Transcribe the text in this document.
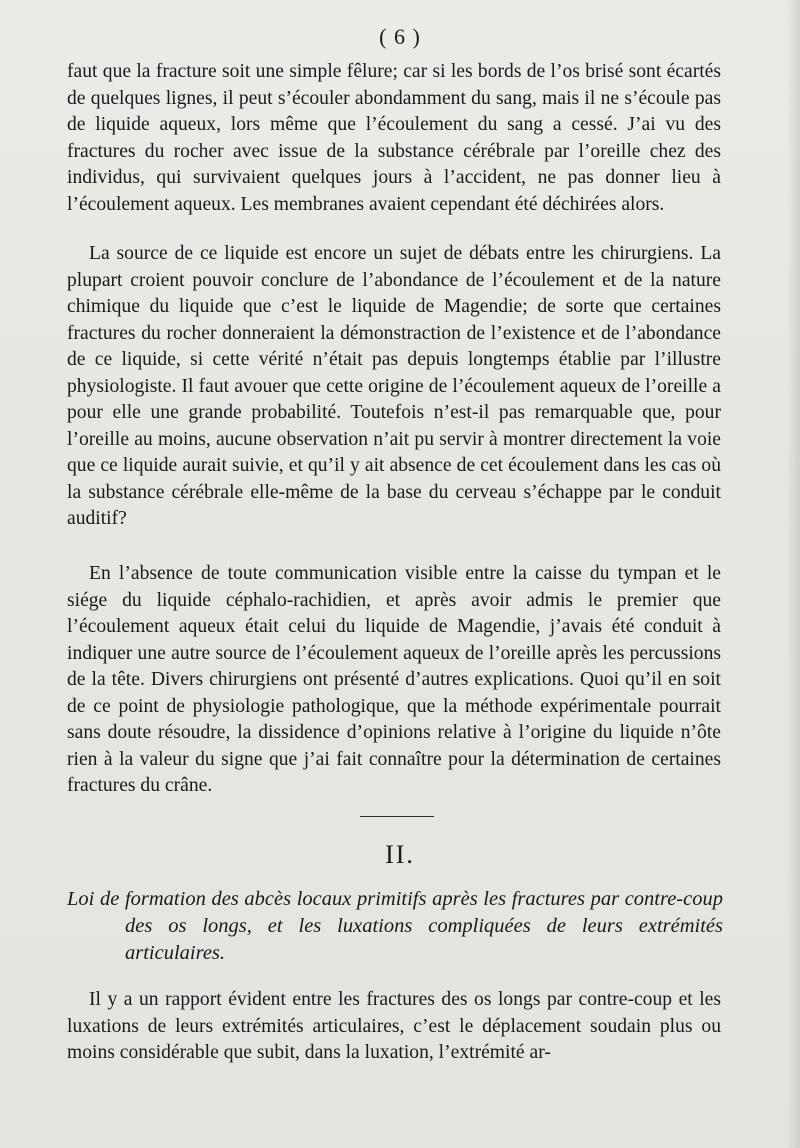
( 6 )

faut que la fracture soit une simple fêlure; car si les bords de l’os brisé sont écartés de quelques lignes, il peut s’écouler abondamment du sang, mais il ne s’écoule pas de liquide aqueux, lors même que l’écoulement du sang a cessé. J’ai vu des fractures du rocher avec issue de la substance cérébrale par l’oreille chez des individus, qui survivaient quelques jours à l’accident, ne pas donner lieu à l’écoulement aqueux. Les membranes avaient cependant été déchirées alors.

La source de ce liquide est encore un sujet de débats entre les chirurgiens. La plupart croient pouvoir conclure de l’abondance de l’écoulement et de la nature chimique du liquide que c’est le liquide de Magendie; de sorte que certaines fractures du rocher donneraient la démonstraction de l’existence et de l’abondance de ce liquide, si cette vérité n’était pas depuis longtemps établie par l’illustre physiologiste. Il faut avouer que cette origine de l’écoulement aqueux de l’oreille a pour elle une grande probabilité. Toutefois n’est-il pas remarquable que, pour l’oreille au moins, aucune observation n’ait pu servir à montrer directement la voie que ce liquide aurait suivie, et qu’il y ait absence de cet écoulement dans les cas où la substance cérébrale elle-même de la base du cerveau s’échappe par le conduit auditif?

En l’absence de toute communication visible entre la caisse du tympan et le siége du liquide céphalo-rachidien, et après avoir admis le premier que l’écoulement aqueux était celui du liquide de Magendie, j’avais été conduit à indiquer une autre source de l’écoulement aqueux de l’oreille après les percussions de la tête. Divers chirurgiens ont présenté d’autres explications. Quoi qu’il en soit de ce point de physiologie pathologique, que la méthode expérimentale pourrait sans doute résoudre, la dissidence d’opinions relative à l’origine du liquide n’ôte rien à la valeur du signe que j’ai fait connaître pour la détermination de certaines fractures du crâne.

II.
Loi de formation des abcès locaux primitifs après les fractures par contre-coup des os longs, et les luxations compliquées de leurs extrémités articulaires.

Il y a un rapport évident entre les fractures des os longs par contre-coup et les luxations de leurs extrémités articulaires, c’est le déplacement soudain plus ou moins considérable que subit, dans la luxation, l’extrémité ar-
